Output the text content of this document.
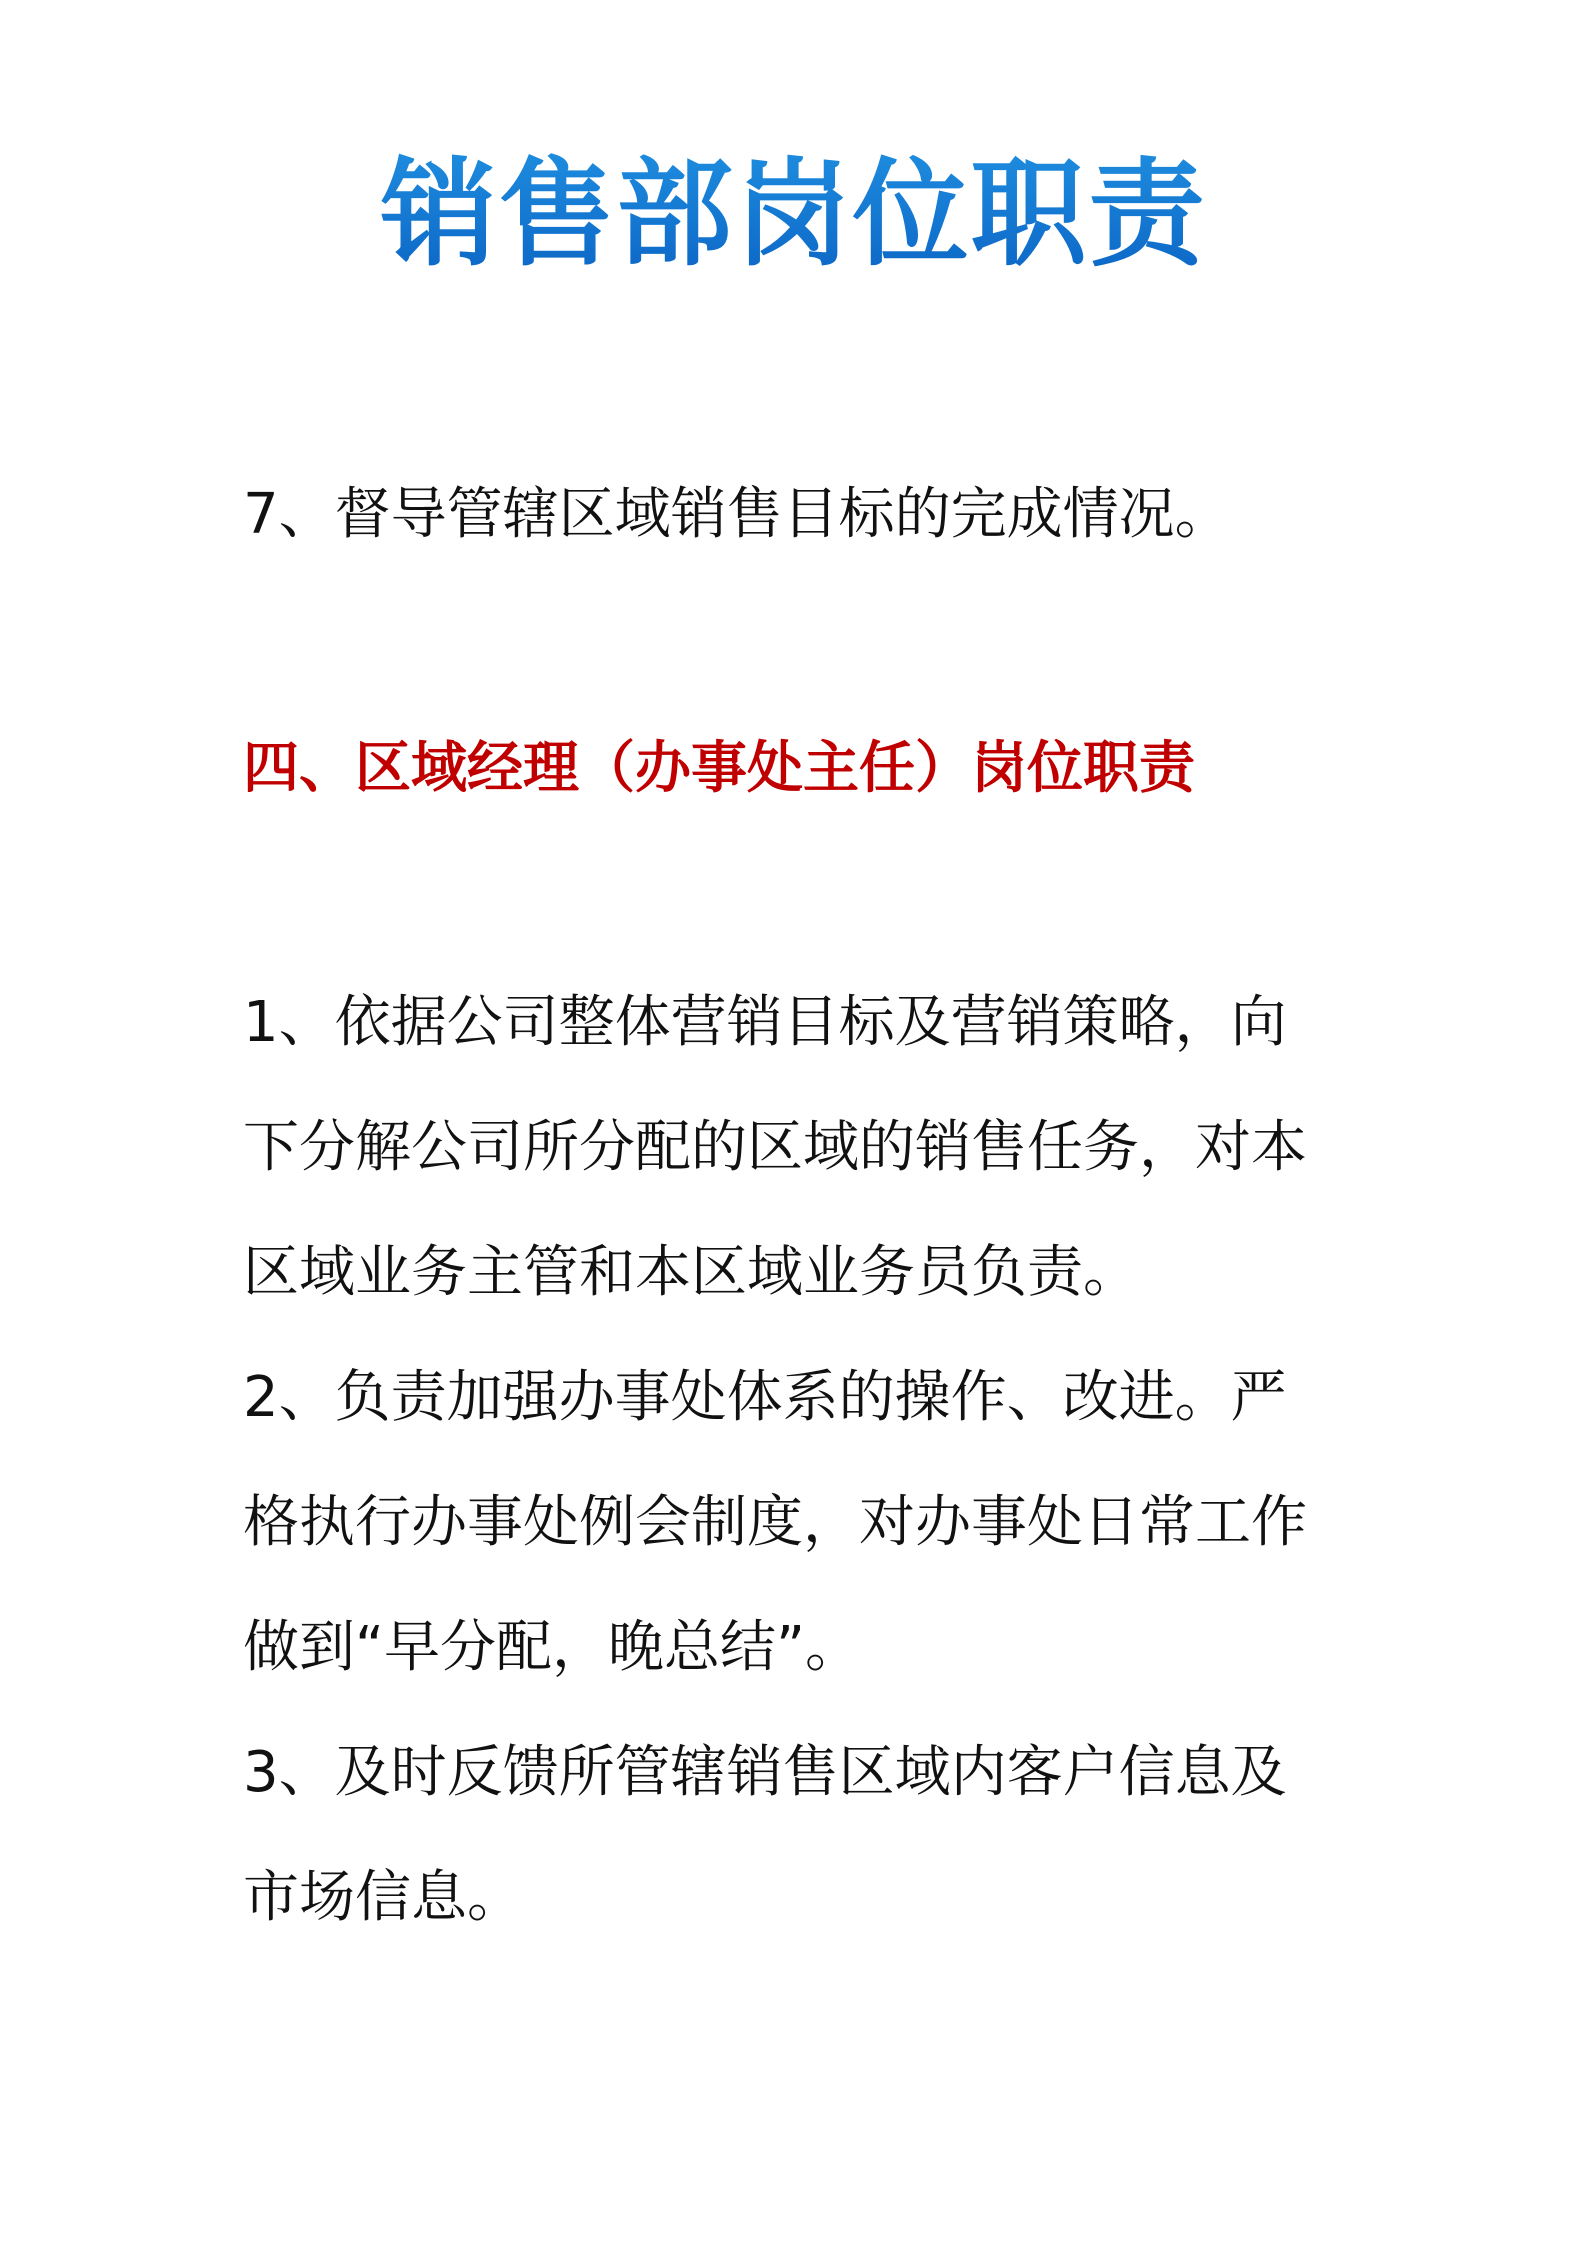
销售部岗位职责
7、督导管辖区域销售目标的完成情况。
四、区域经理（办事处主任）岗位职责
1、依据公司整体营销目标及营销策略，向
下分解公司所分配的区域的销售任务，对本
区域业务主管和本区域业务员负责。
2、负责加强办事处体系的操作、改进。严
格执行办事处例会制度，对办事处日常工作
做到“早分配，晚总结”。
3、及时反馈所管辖销售区域内客户信息及
市场信息。
